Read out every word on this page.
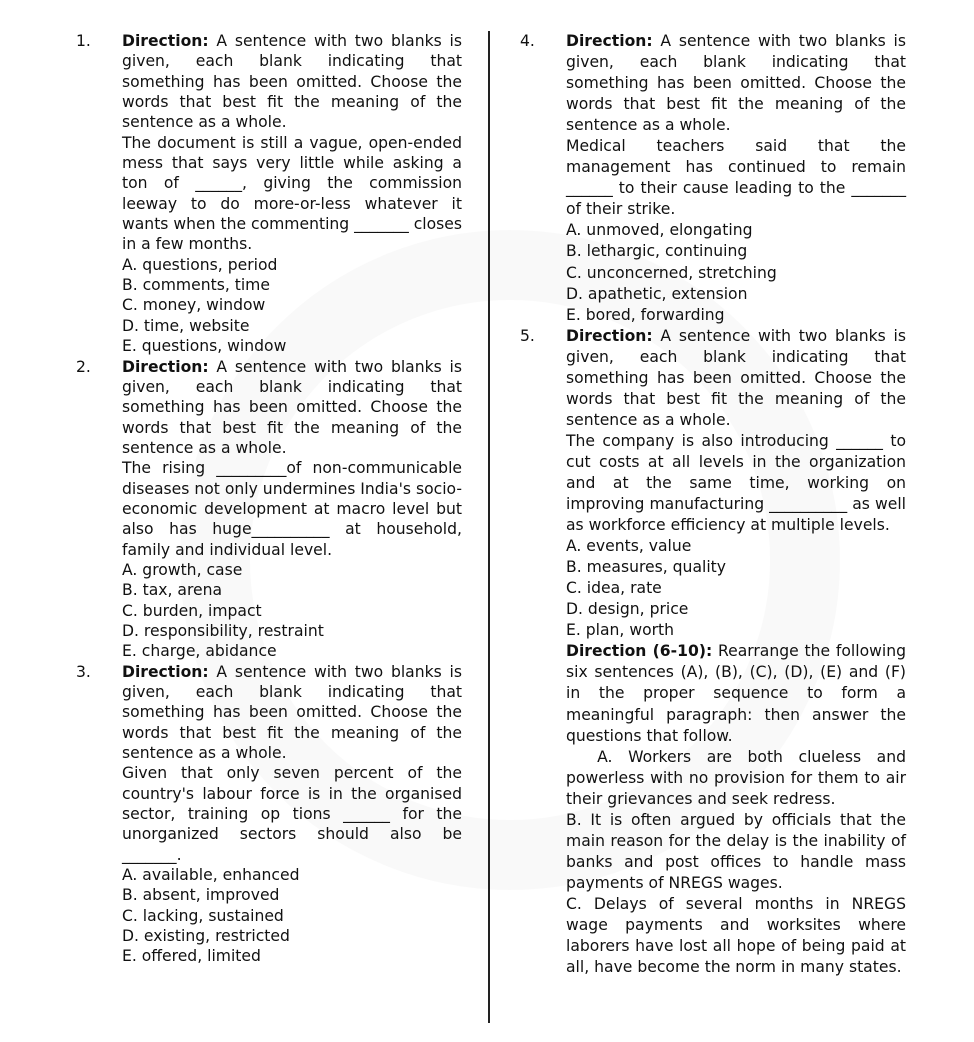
1. Direction: A sentence with two blanks is given, each blank indicating that something has been omitted. Choose the words that best fit the meaning of the sentence as a whole.
The document is still a vague, open-ended mess that says very little while asking a ton of ______, giving the commission leeway to do more-or-less whatever it wants when the commenting _______ closes in a few months.
A. questions, period
B. comments, time
C. money, window
D. time, website
E. questions, window
2. Direction: A sentence with two blanks is given, each blank indicating that something has been omitted. Choose the words that best fit the meaning of the sentence as a whole.
The rising _________of non-communicable diseases not only undermines India's socio-economic development at macro level but also has huge__________ at household, family and individual level.
A. growth, case
B. tax, arena
C. burden, impact
D. responsibility, restraint
E. charge, abidance
3. Direction: A sentence with two blanks is given, each blank indicating that something has been omitted. Choose the words that best fit the meaning of the sentence as a whole.
Given that only seven percent of the country's labour force is in the organised sector, training op tions ______ for the unorganized sectors should also be _______.
A. available, enhanced
B. absent, improved
C. lacking, sustained
D. existing, restricted
E. offered, limited
4. Direction: A sentence with two blanks is given, each blank indicating that something has been omitted. Choose the words that best fit the meaning of the sentence as a whole.
Medical teachers said that the management has continued to remain ______ to their cause leading to the _______ of their strike.
A. unmoved, elongating
B. lethargic, continuing
C. unconcerned, stretching
D. apathetic, extension
E. bored, forwarding
5. Direction: A sentence with two blanks is given, each blank indicating that something has been omitted. Choose the words that best fit the meaning of the sentence as a whole.
The company is also introducing ______ to cut costs at all levels in the organization and at the same time, working on improving manufacturing __________ as well as workforce efficiency at multiple levels.
A. events, value
B. measures, quality
C. idea, rate
D. design, price
E. plan, worth
Direction (6-10): Rearrange the following six sentences (A), (B), (C), (D), (E) and (F) in the proper sequence to form a meaningful paragraph: then answer the questions that follow.
A. Workers are both clueless and powerless with no provision for them to air their grievances and seek redress.
B. It is often argued by officials that the main reason for the delay is the inability of banks and post offices to handle mass payments of NREGS wages.
C. Delays of several months in NREGS wage payments and worksites where laborers have lost all hope of being paid at all, have become the norm in many states.
